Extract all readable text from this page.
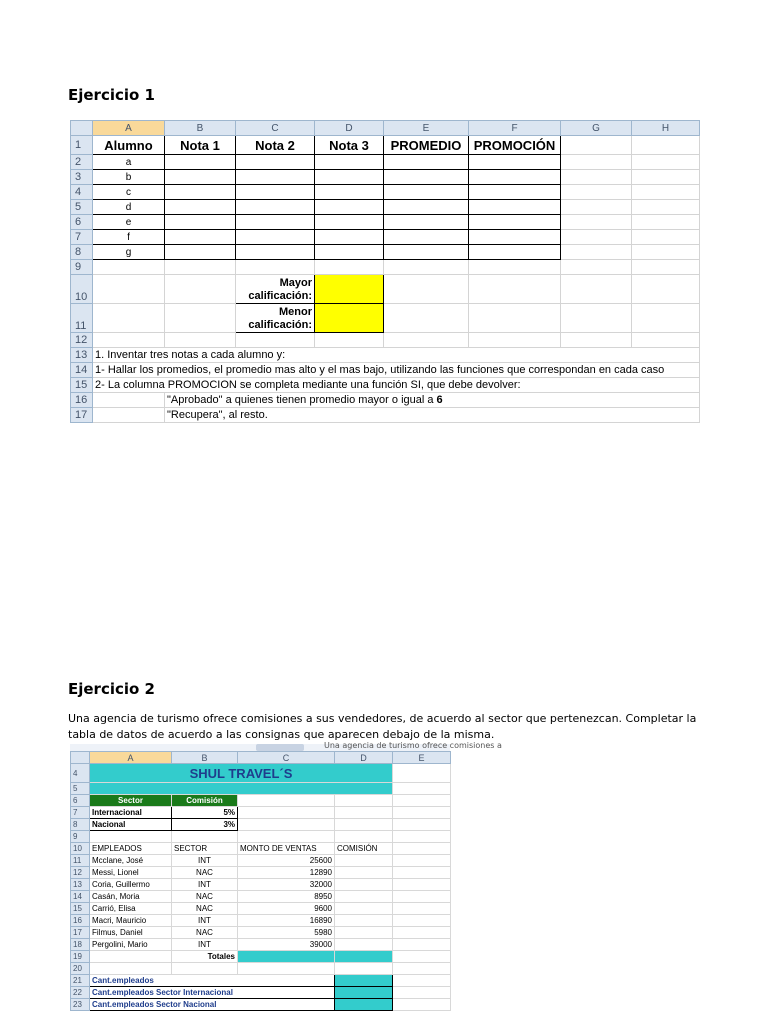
Ejercicio 1
	A	B	C	D	E	F	G	H
1	Alumno	Nota 1	Nota 2	Nota 3	PROMEDIO	PROMOCIÓN		
2	a							
3	b							
4	c							
5	d							
6	e							
7	f							
8	g							
9								
10			Mayor calificación:					
11			Menor calificación:					
12								
13	1. Inventar tres notas a cada alumno y:							
14	1- Hallar los promedios, el promedio mas alto y el mas bajo, utilizando las funciones que correspondan en cada caso							
15	2- La columna PROMOCION se completa mediante una función SI, que debe devolver:							
16		"Aprobado" a quienes tienen promedio mayor o igual a 6						
17		"Recupera", al resto.						
Ejercicio 2
Una agencia de turismo ofrece comisiones a sus vendedores, de acuerdo al sector que pertenezcan. Completar la tabla de datos de acuerdo a las consignas que aparecen debajo de la misma.
Una agencia de turismo ofrece comisiones a
	A	B	C	D	E
4	SHUL TRAVEL´S				
5					
6	Sector	Comisión			
7	Internacional	5%			
8	Nacional	3%			
9					
10	EMPLEADOS	SECTOR	MONTO DE VENTAS	COMISIÓN	
11	Mcclane, José	INT	25600		
12	Messi, Lionel	NAC	12890		
13	Coria, Guillermo	INT	32000		
14	Casán, Moria	NAC	8950		
15	Carrió, Elisa	NAC	9600		
16	Macri, Mauricio	INT	16890		
17	Filmus, Daniel	NAC	5980		
18	Pergolini, Mario	INT	39000		
19		Totales			
20					
21	Cant.empleados				
22	Cant.empleados Sector Internacional				
23	Cant.empleados Sector Nacional				
